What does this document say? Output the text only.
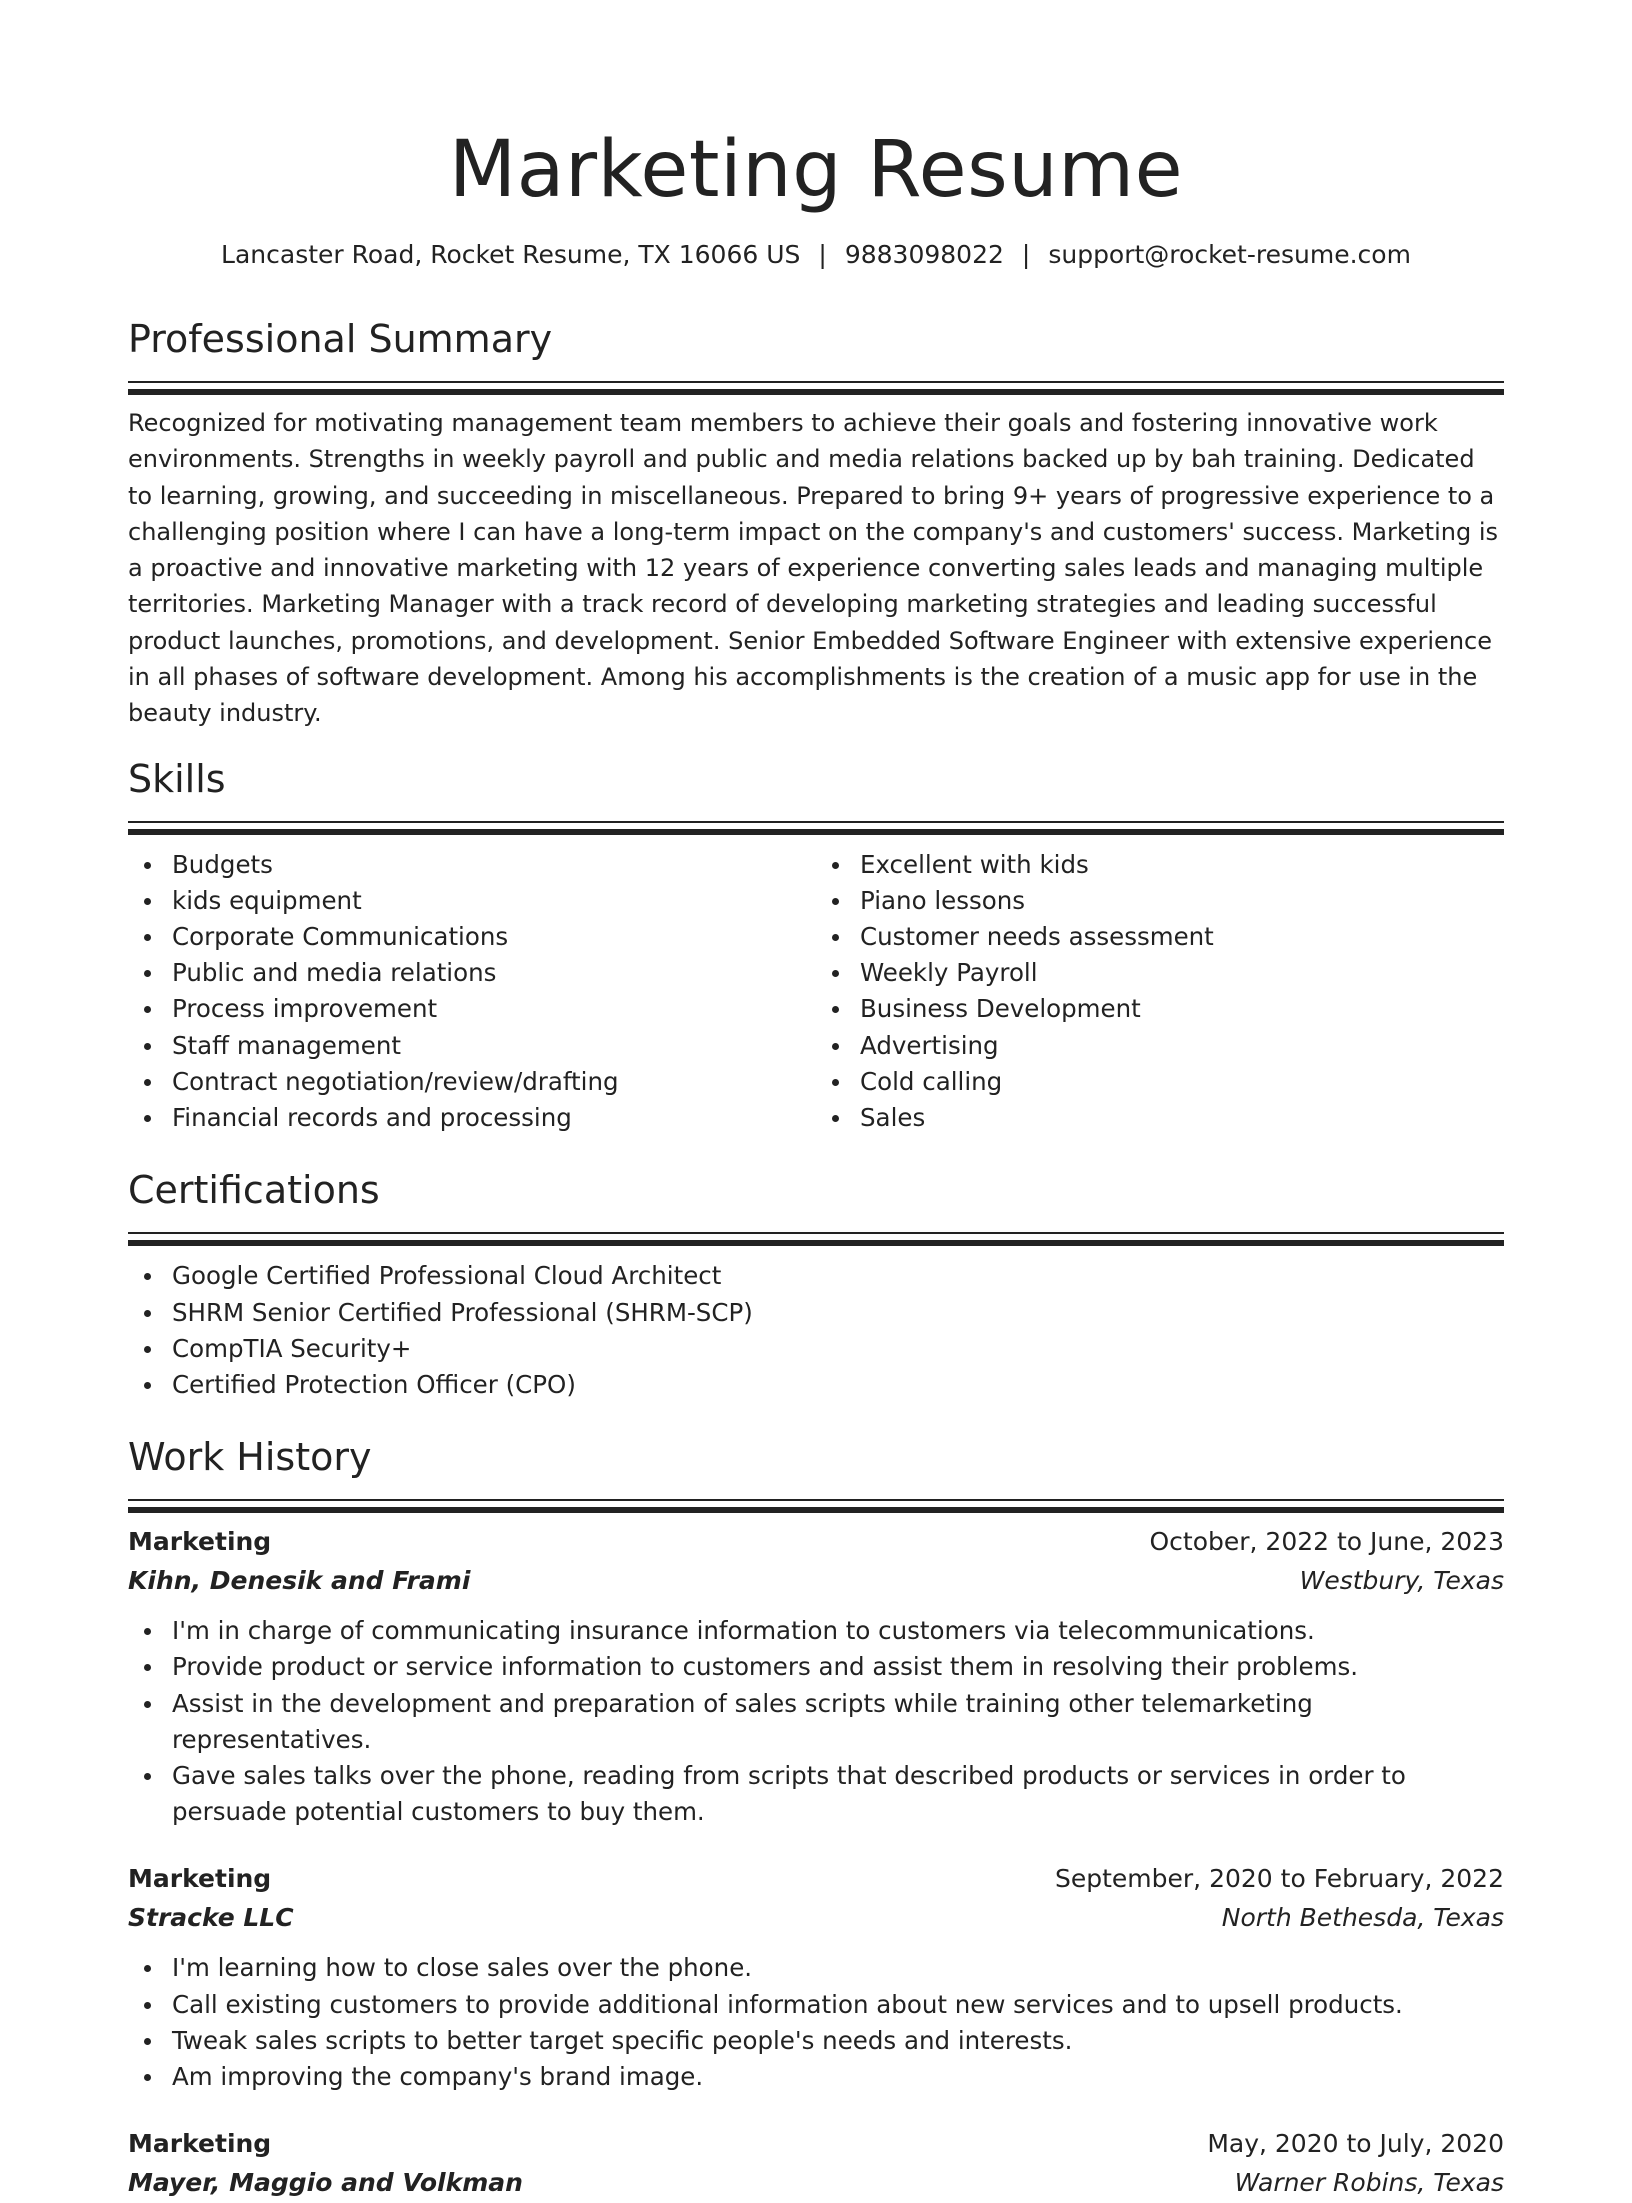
Marketing Resume
Lancaster Road, Rocket Resume, TX 16066 US | 9883098022 | support@rocket-resume.com
Professional Summary

Recognized for motivating management team members to achieve their goals and fostering innovative work environments. Strengths in weekly payroll and public and media relations backed up by bah training. Dedicated to learning, growing, and succeeding in miscellaneous. Prepared to bring 9+ years of progressive experience to a challenging position where I can have a long-term impact on the company's and customers' success. Marketing is a proactive and innovative marketing with 12 years of experience converting sales leads and managing multiple territories. Marketing Manager with a track record of developing marketing strategies and leading successful product launches, promotions, and development. Senior Embedded Software Engineer with extensive experience in all phases of software development. Among his accomplishments is the creation of a music app for use in the beauty industry.

Skills
Budgets
kids equipment
Corporate Communications
Public and media relations
Process improvement
Staff management
Contract negotiation/review/drafting
Financial records and processing
Excellent with kids
Piano lessons
Customer needs assessment
Weekly Payroll
Business Development
Advertising
Cold calling
Sales
Certifications
Google Certified Professional Cloud Architect
SHRM Senior Certified Professional (SHRM-SCP)
CompTIA Security+
Certified Protection Officer (CPO)
Work History
Marketing	October, 2022 to June, 2023
Kihn, Denesik and Frami	Westbury, Texas
I'm in charge of communicating insurance information to customers via telecommunications.
Provide product or service information to customers and assist them in resolving their problems.
Assist in the development and preparation of sales scripts while training other telemarketing representatives.
Gave sales talks over the phone, reading from scripts that described products or services in order to persuade potential customers to buy them.
Marketing	September, 2020 to February, 2022
Stracke LLC	North Bethesda, Texas
I'm learning how to close sales over the phone.
Call existing customers to provide additional information about new services and to upsell products.
Tweak sales scripts to better target specific people's needs and interests.
Am improving the company's brand image.
Marketing	May, 2020 to July, 2020
Mayer, Maggio and Volkman	Warner Robins, Texas
